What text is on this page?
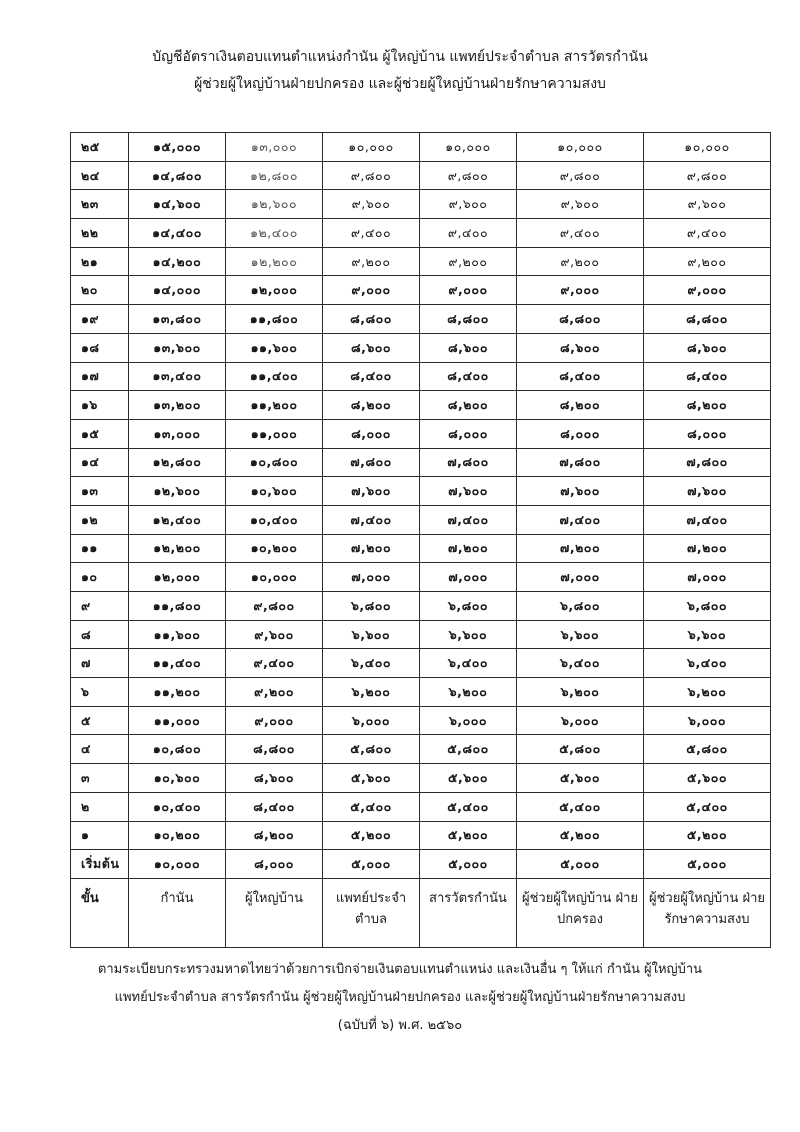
บัญชีอัตราเงินตอบแทนตำแหน่งกำนัน ผู้ใหญ่บ้าน แพทย์ประจำตำบล สารวัตรกำนัน
ผู้ช่วยผู้ใหญ่บ้านฝ่ายปกครอง และผู้ช่วยผู้ใหญ่บ้านฝ่ายรักษาความสงบ
๒๕	๑๕,๐๐๐	๑๓,๐๐๐	๑๐,๐๐๐	๑๐,๐๐๐	๑๐,๐๐๐	๑๐,๐๐๐
๒๔	๑๔,๘๐๐	๑๒,๘๐๐	๙,๘๐๐	๙,๘๐๐	๙,๘๐๐	๙,๘๐๐
๒๓	๑๔,๖๐๐	๑๒,๖๐๐	๙,๖๐๐	๙,๖๐๐	๙,๖๐๐	๙,๖๐๐
๒๒	๑๔,๔๐๐	๑๒,๔๐๐	๙,๔๐๐	๙,๔๐๐	๙,๔๐๐	๙,๔๐๐
๒๑	๑๔,๒๐๐	๑๒,๒๐๐	๙,๒๐๐	๙,๒๐๐	๙,๒๐๐	๙,๒๐๐
๒๐	๑๔,๐๐๐	๑๒,๐๐๐	๙,๐๐๐	๙,๐๐๐	๙,๐๐๐	๙,๐๐๐
๑๙	๑๓,๘๐๐	๑๑,๘๐๐	๘,๘๐๐	๘,๘๐๐	๘,๘๐๐	๘,๘๐๐
๑๘	๑๓,๖๐๐	๑๑,๖๐๐	๘,๖๐๐	๘,๖๐๐	๘,๖๐๐	๘,๖๐๐
๑๗	๑๓,๔๐๐	๑๑,๔๐๐	๘,๔๐๐	๘,๔๐๐	๘,๔๐๐	๘,๔๐๐
๑๖	๑๓,๒๐๐	๑๑,๒๐๐	๘,๒๐๐	๘,๒๐๐	๘,๒๐๐	๘,๒๐๐
๑๕	๑๓,๐๐๐	๑๑,๐๐๐	๘,๐๐๐	๘,๐๐๐	๘,๐๐๐	๘,๐๐๐
๑๔	๑๒,๘๐๐	๑๐,๘๐๐	๗,๘๐๐	๗,๘๐๐	๗,๘๐๐	๗,๘๐๐
๑๓	๑๒,๖๐๐	๑๐,๖๐๐	๗,๖๐๐	๗,๖๐๐	๗,๖๐๐	๗,๖๐๐
๑๒	๑๒,๔๐๐	๑๐,๔๐๐	๗,๔๐๐	๗,๔๐๐	๗,๔๐๐	๗,๔๐๐
๑๑	๑๒,๒๐๐	๑๐,๒๐๐	๗,๒๐๐	๗,๒๐๐	๗,๒๐๐	๗,๒๐๐
๑๐	๑๒,๐๐๐	๑๐,๐๐๐	๗,๐๐๐	๗,๐๐๐	๗,๐๐๐	๗,๐๐๐
๙	๑๑,๘๐๐	๙,๘๐๐	๖,๘๐๐	๖,๘๐๐	๖,๘๐๐	๖,๘๐๐
๘	๑๑,๖๐๐	๙,๖๐๐	๖,๖๐๐	๖,๖๐๐	๖,๖๐๐	๖,๖๐๐
๗	๑๑,๔๐๐	๙,๔๐๐	๖,๔๐๐	๖,๔๐๐	๖,๔๐๐	๖,๔๐๐
๖	๑๑,๒๐๐	๙,๒๐๐	๖,๒๐๐	๖,๒๐๐	๖,๒๐๐	๖,๒๐๐
๕	๑๑,๐๐๐	๙,๐๐๐	๖,๐๐๐	๖,๐๐๐	๖,๐๐๐	๖,๐๐๐
๔	๑๐,๘๐๐	๘,๘๐๐	๕,๘๐๐	๕,๘๐๐	๕,๘๐๐	๕,๘๐๐
๓	๑๐,๖๐๐	๘,๖๐๐	๕,๖๐๐	๕,๖๐๐	๕,๖๐๐	๕,๖๐๐
๒	๑๐,๔๐๐	๘,๔๐๐	๕,๔๐๐	๕,๔๐๐	๕,๔๐๐	๕,๔๐๐
๑	๑๐,๒๐๐	๘,๒๐๐	๕,๒๐๐	๕,๒๐๐	๕,๒๐๐	๕,๒๐๐
เริ่มต้น	๑๐,๐๐๐	๘,๐๐๐	๕,๐๐๐	๕,๐๐๐	๕,๐๐๐	๕,๐๐๐
ขั้น	กำนัน	ผู้ใหญ่บ้าน	แพทย์ประจำ ตำบล	สารวัตรกำนัน	ผู้ช่วยผู้ใหญ่บ้าน ฝ่ายปกครอง	ผู้ช่วยผู้ใหญ่บ้าน ฝ่ายรักษาความสงบ
ตามระเบียบกระทรวงมหาดไทยว่าด้วยการเบิกจ่ายเงินตอบแทนตำแหน่ง และเงินอื่น ๆ ให้แก่ กำนัน ผู้ใหญ่บ้าน
แพทย์ประจำตำบล สารวัตรกำนัน ผู้ช่วยผู้ใหญ่บ้านฝ่ายปกครอง และผู้ช่วยผู้ใหญ่บ้านฝ่ายรักษาความสงบ
(ฉบับที่ ๖) พ.ศ. ๒๕๖๐
